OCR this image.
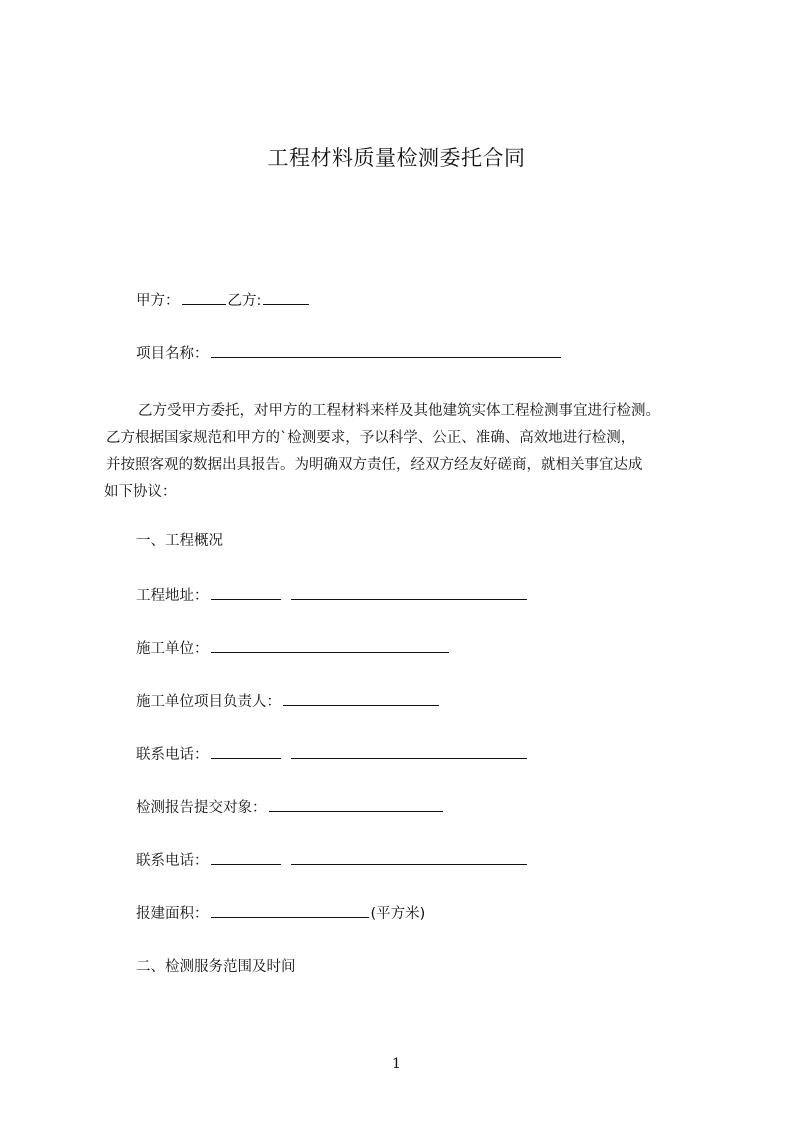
工程材料质量检测委托合同
甲方：	乙方:
项目名称：

乙方受甲方委托，对甲方的工程材料来样及其他建筑实体工程检测事宜进行检测。

乙方根据国家规范和甲方的`检测要求，予以科学、公正、准确、高效地进行检测，

并按照客观的数据出具报告。为明确双方责任，经双方经友好磋商，就相关事宜达成

如下协议：

一、工程概况
工程地址：
施工单位：
施工单位项目负责人：
联系电话：
检测报告提交对象：
联系电话：
报建面积：	(平方米)
二、检测服务范围及时间
1
